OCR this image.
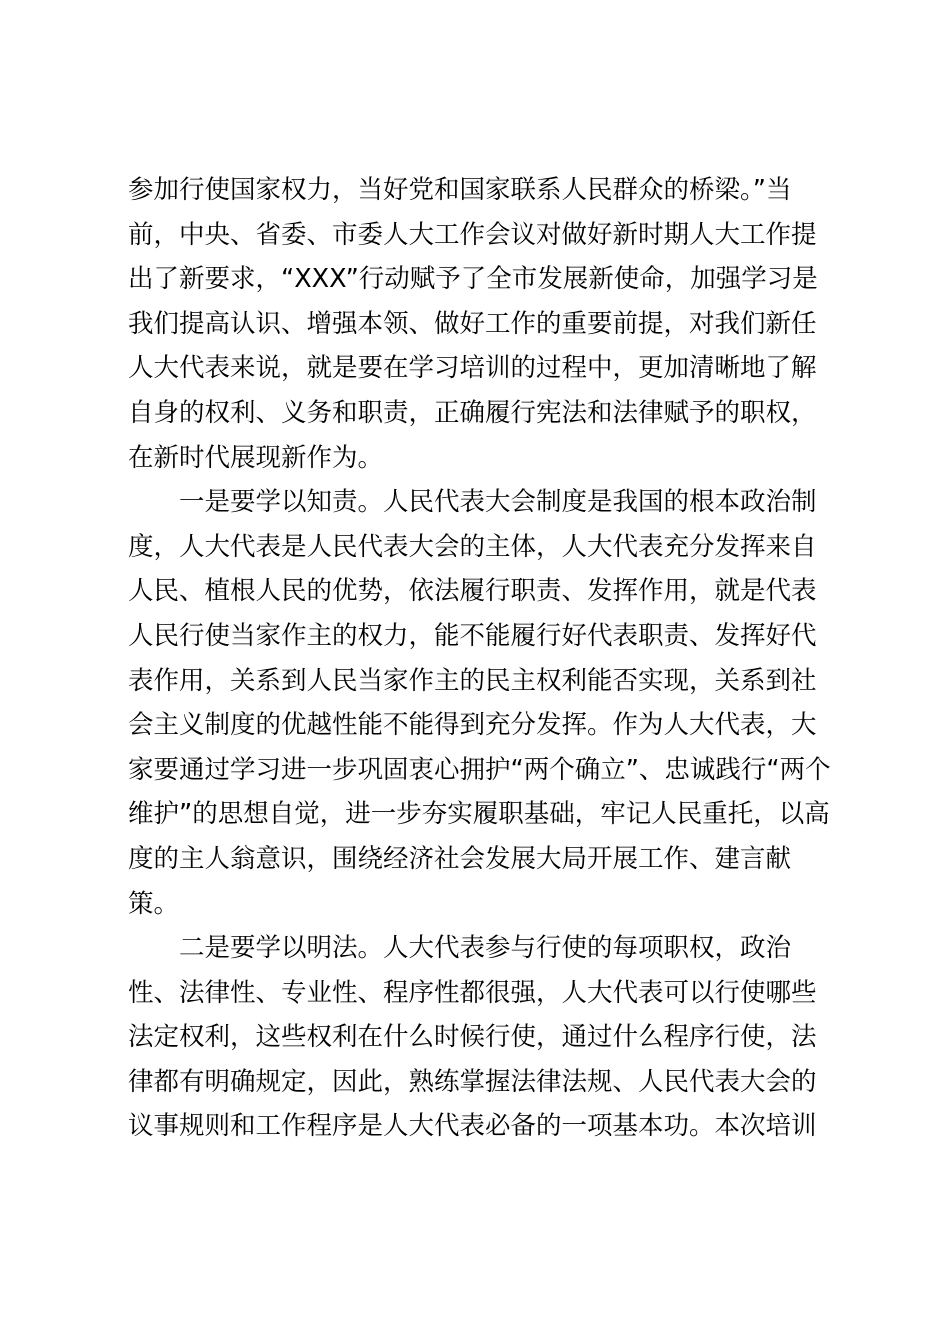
参加行使国家权力，当好党和国家联系人民群众的桥梁。”当
前，中央、省委、市委人大工作会议对做好新时期人大工作提
出了新要求，“XXX”行动赋予了全市发展新使命，加强学习是
我们提高认识、增强本领、做好工作的重要前提，对我们新任
人大代表来说，就是要在学习培训的过程中，更加清晰地了解
自身的权利、义务和职责，正确履行宪法和法律赋予的职权，
在新时代展现新作为。
　　一是要学以知责。人民代表大会制度是我国的根本政治制
度，人大代表是人民代表大会的主体，人大代表充分发挥来自
人民、植根人民的优势，依法履行职责、发挥作用，就是代表
人民行使当家作主的权力，能不能履行好代表职责、发挥好代
表作用，关系到人民当家作主的民主权利能否实现，关系到社
会主义制度的优越性能不能得到充分发挥。作为人大代表，大
家要通过学习进一步巩固衷心拥护“两个确立”、忠诚践行“两个
维护”的思想自觉，进一步夯实履职基础，牢记人民重托，以高
度的主人翁意识，围绕经济社会发展大局开展工作、建言献
策。
　　二是要学以明法。人大代表参与行使的每项职权，政治
性、法律性、专业性、程序性都很强，人大代表可以行使哪些
法定权利，这些权利在什么时候行使，通过什么程序行使，法
律都有明确规定，因此，熟练掌握法律法规、人民代表大会的
议事规则和工作程序是人大代表必备的一项基本功。本次培训
